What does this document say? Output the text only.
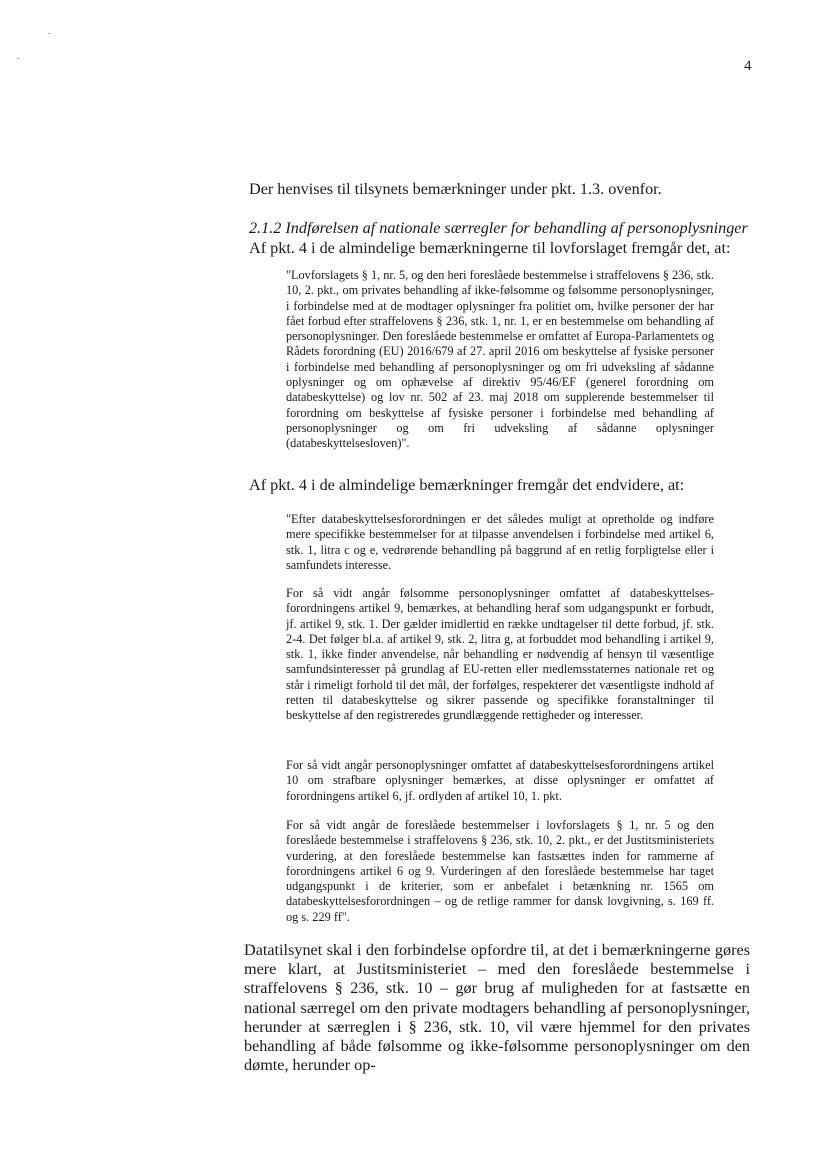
4
Der henvises til tilsynets bemærkninger under pkt. 1.3. ovenfor.
2.1.2 Indførelsen af nationale særregler for behandling af personoplysninger
Af pkt. 4 i de almindelige bemærkningerne til lovforslaget fremgår det, at:
"Lovforslagets § 1, nr. 5, og den heri foreslåede bestemmelse i straffelovens § 236, stk. 10, 2. pkt., om privates behandling af ikke-følsomme og følsomme personoplysninger, i forbindelse med at de modtager oplysninger fra politiet om, hvilke personer der har fået forbud efter straffelovens § 236, stk. 1, nr. 1, er en bestemmelse om behandling af personoplysninger. Den foreslåede bestemmelse er omfattet af Europa-Parlamentets og Rådets forordning (EU) 2016/679 af 27. april 2016 om beskyttelse af fysiske personer i forbindelse med behandling af personoplysninger og om fri udveksling af sådanne oplysninger og om ophævelse af direktiv 95/46/EF (generel forordning om databeskyttelse) og lov nr. 502 af 23. maj 2018 om supplerende bestemmelser til forordning om beskyttelse af fysiske personer i forbindelse med behandling af personoplysninger og om fri udveksling af sådanne oplysninger (databeskyttelsesloven)".
Af pkt. 4 i de almindelige bemærkninger fremgår det endvidere, at:
"Efter databeskyttelsesforordningen er det således muligt at opretholde og indføre mere specifikke bestemmelser for at tilpasse anvendelsen i forbindelse med artikel 6, stk. 1, litra c og e, vedrørende behandling på baggrund af en retlig forpligtelse eller i samfundets interesse.
For så vidt angår følsomme personoplysninger omfattet af databeskyttelses-forordningens artikel 9, bemærkes, at behandling heraf som udgangspunkt er forbudt, jf. artikel 9, stk. 1. Der gælder imidlertid en række undtagelser til dette forbud, jf. stk. 2-4. Det følger bl.a. af artikel 9, stk. 2, litra g, at forbuddet mod behandling i artikel 9, stk. 1, ikke finder anvendelse, når behandling er nødvendig af hensyn til væsentlige samfundsinteresser på grundlag af EU-retten eller medlemsstaternes nationale ret og står i rimeligt forhold til det mål, der forfølges, respekterer det væsentligste indhold af retten til databeskyttelse og sikrer passende og specifikke foranstaltninger til beskyttelse af den registreredes grundlæggende rettigheder og interesser.
For så vidt angår personoplysninger omfattet af databeskyttelsesforordningens artikel 10 om strafbare oplysninger bemærkes, at disse oplysninger er omfattet af forordningens artikel 6, jf. ordlyden af artikel 10, 1. pkt.
For så vidt angår de foreslåede bestemmelser i lovforslagets § 1, nr. 5 og den foreslåede bestemmelse i straffelovens § 236, stk. 10, 2. pkt., er det Justitsministeriets vurdering, at den foreslåede bestemmelse kan fastsættes inden for rammerne af forordningens artikel 6 og 9. Vurderingen af den foreslåede bestemmelse har taget udgangspunkt i de kriterier, som er anbefalet i betænkning nr. 1565 om databeskyttelsesforordningen – og de retlige rammer for dansk lovgivning, s. 169 ff. og s. 229 ff".
Datatilsynet skal i den forbindelse opfordre til, at det i bemærkningerne gøres mere klart, at Justitsministeriet – med den foreslåede bestemmelse i straffelovens § 236, stk. 10 – gør brug af muligheden for at fastsætte en national særregel om den private modtagers behandling af personoplysninger, herunder at særreglen i § 236, stk. 10, vil være hjemmel for den privates behandling af både følsomme og ikke-følsomme personoplysninger om den dømte, herunder op-
